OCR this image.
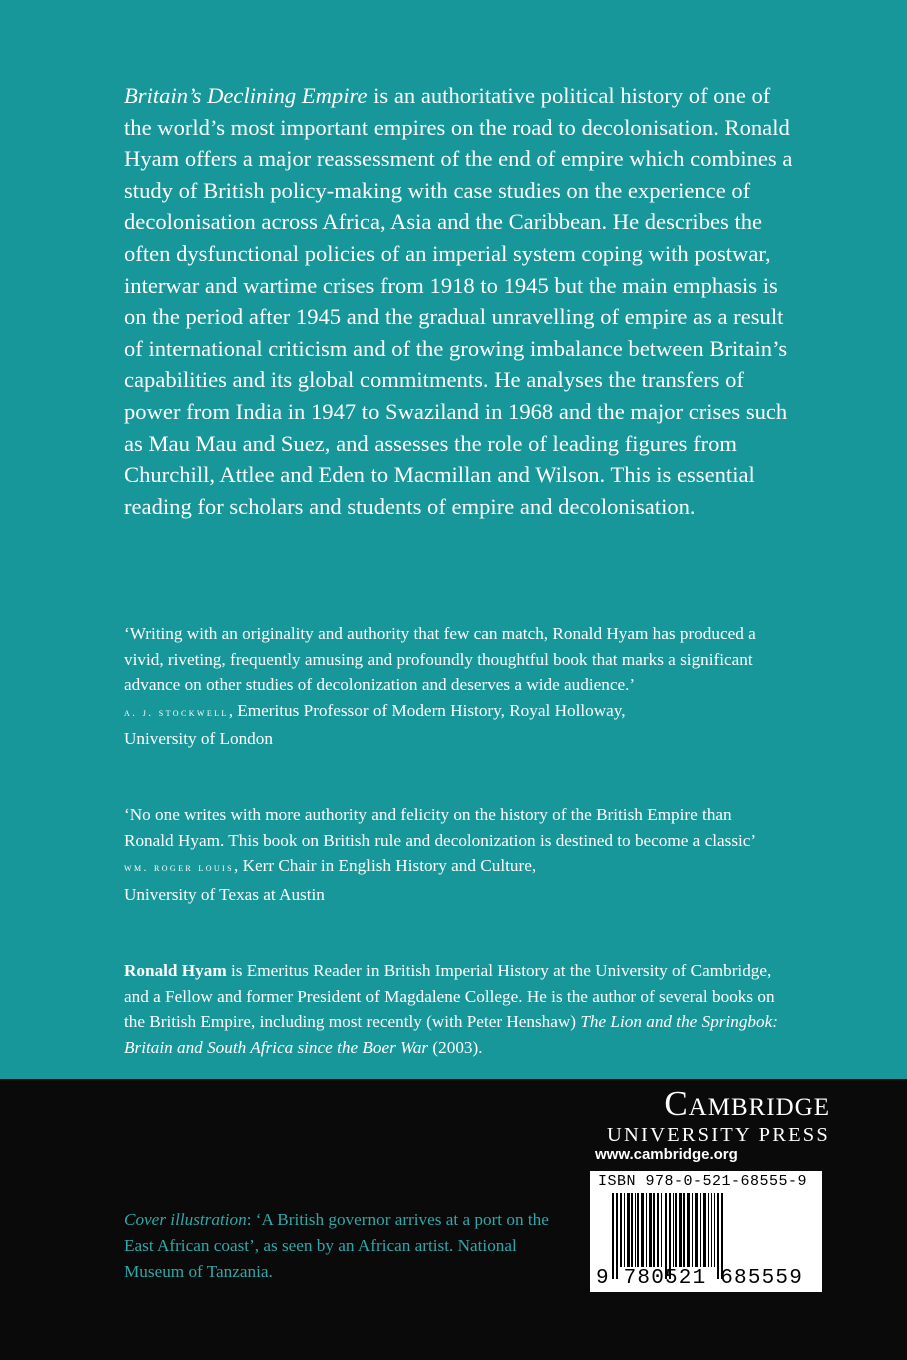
Britain’s Declining Empire is an authoritative political history of one of the world’s most important empires on the road to decolonisation. Ronald Hyam offers a major reassessment of the end of empire which combines a study of British policy-making with case studies on the experience of decolonisation across Africa, Asia and the Caribbean. He describes the often dysfunctional policies of an imperial system coping with postwar, interwar and wartime crises from 1918 to 1945 but the main emphasis is on the period after 1945 and the gradual unravelling of empire as a result of international criticism and of the growing imbalance between Britain’s capabilities and its global commitments. He analyses the transfers of power from India in 1947 to Swaziland in 1968 and the major crises such as Mau Mau and Suez, and assesses the role of leading figures from Churchill, Attlee and Eden to Macmillan and Wilson. This is essential reading for scholars and students of empire and decolonisation.

‘Writing with an originality and authority that few can match, Ronald Hyam has produced a vivid, riveting, frequently amusing and profoundly thoughtful book that marks a significant advance on other studies of decolonization and deserves a wide audience.’

a. j. stockwell, Emeritus Professor of Modern History, Royal Holloway,
University of London

‘No one writes with more authority and felicity on the history of the British Empire than Ronald Hyam. This book on British rule and decolonization is destined to become a classic’

wm. roger louis, Kerr Chair in English History and Culture,
University of Texas at Austin

Ronald Hyam is Emeritus Reader in British Imperial History at the University of Cambridge, and a Fellow and former President of Magdalene College. He is the author of several books on the British Empire, including most recently (with Peter Henshaw) The Lion and the Springbok: Britain and South Africa since the Boer War (2003).

Cover illustration: ‘A British governor arrives at a port on the East African coast’, as seen by an African artist. National Museum of Tanzania.

Cambridge
UNIVERSITY PRESS
www.cambridge.org
ISBN 978-0-521-68555-9
9 780521 685559
